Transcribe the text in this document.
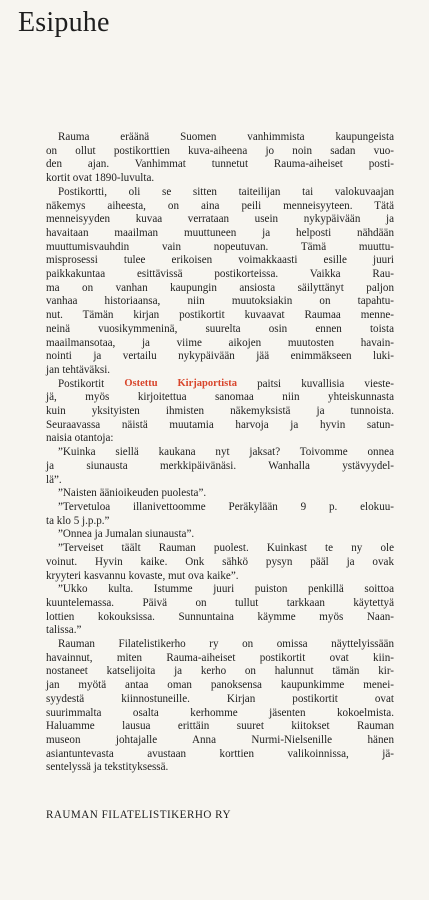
Esipuhe
Rauma eräänä Suomen vanhimmista kaupungeista
on ollut postikorttien kuva-aiheena jo noin sadan vuo-
den ajan. Vanhimmat tunnetut Rauma-aiheiset posti-
kortit ovat 1890-luvulta.
Postikortti, oli se sitten taiteilijan tai valokuvaajan
näkemys aiheesta, on aina peili menneisyyteen. Tätä
menneisyyden kuvaa verrataan usein nykypäivään ja
havaitaan maailman muuttuneen ja helposti nähdään
muuttumisvauhdin vain nopeutuvan. Tämä muuttu-
misprosessi tulee erikoisen voimakkaasti esille juuri
paikkakuntaa esittävissä postikorteissa. Vaikka Rau-
ma on vanhan kaupungin ansiosta säilyttänyt paljon
vanhaa historiaansa, niin muutoksiakin on tapahtu-
nut. Tämän kirjan postikortit kuvaavat Raumaa menne-
neinä vuosikymmeninä, suurelta osin ennen toista
maailmansotaa, ja viime aikojen muutosten havain-
nointi ja vertailu nykypäivään jää enimmäkseen luki-
jan tehtäväksi.
Postikortit Ostettu Kirjaportista paitsi kuvallisia vieste-
jä, myös kirjoitettua sanomaa niin yhteiskunnasta
kuin yksityisten ihmisten näkemyksistä ja tunnoista.
Seuraavassa näistä muutamia harvoja ja hyvin satun-
naisia otantoja:
”Kuinka siellä kaukana nyt jaksat? Toivomme onnea
ja siunausta merkkipäivänäsi. Wanhalla ystävyydel-
lä”.
”Naisten äänioikeuden puolesta”.
”Tervetuloa illanivettoomme Peräkylään 9 p. elokuu-
ta klo 5 j.p.p.”
”Onnea ja Jumalan siunausta”.
”Terveiset täält Rauman puolest. Kuinkast te ny ole
voinut. Hyvin kaike. Onk sähkö pysyn pääl ja ovak
kryyteri kasvannu kovaste, mut ova kaike”.
”Ukko kulta. Istumme juuri puiston penkillä soittoa
kuuntelemassa. Päivä on tullut tarkkaan käytettyä
lottien kokouksissa. Sunnuntaina käymme myös Naan-
talissa.”
Rauman Filatelistikerho ry on omissa näyttelyissään
havainnut, miten Rauma-aiheiset postikortit ovat kiin-
nostaneet katselijoita ja kerho on halunnut tämän kir-
jan myötä antaa oman panoksensa kaupunkimme menei-
syydestä kiinnostuneille. Kirjan postikortit ovat
suurimmalta osalta kerhomme jäsenten kokoelmista.
Haluamme lausua erittäin suuret kiitokset Rauman
museon johtajalle Anna Nurmi-Nielsenille hänen
asiantuntevasta avustaan korttien valikoinnissa, jä-
sentelyssä ja tekstityksessä.
RAUMAN FILATELISTIKERHO RY
